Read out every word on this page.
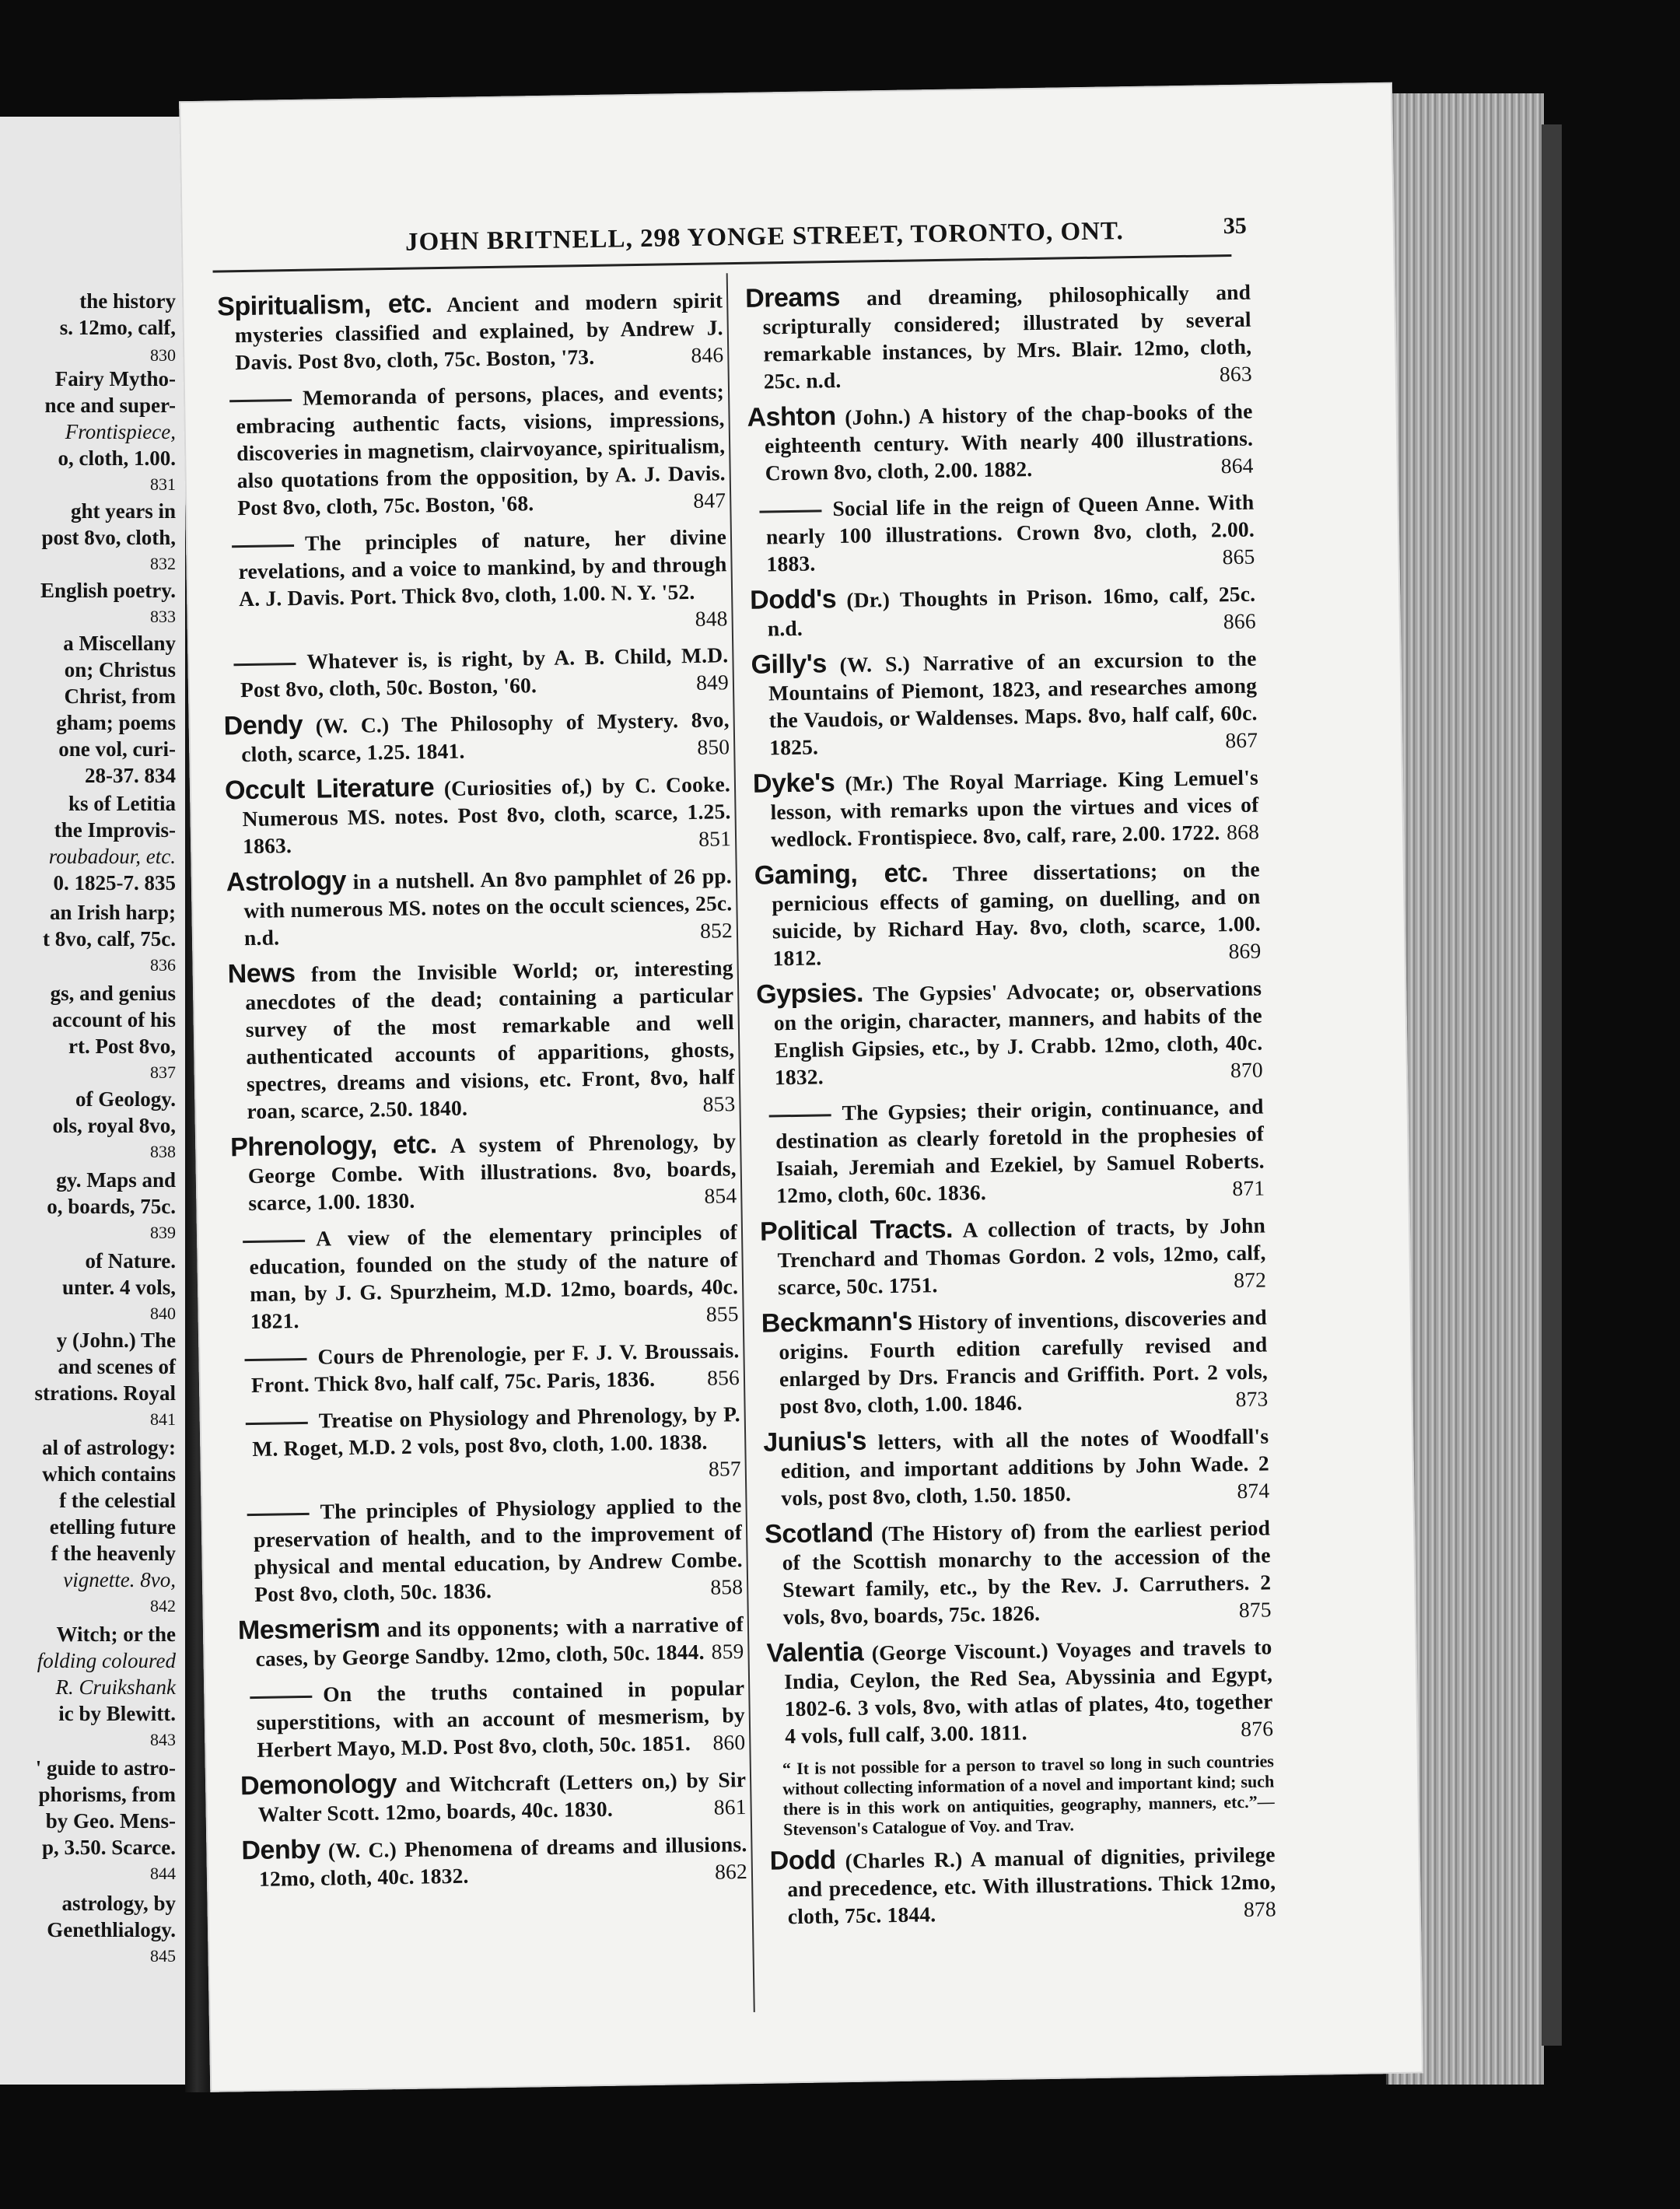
the history
s. 12mo, calf,
830
Fairy Mytho-
nce and super-
Frontispiece,
o, cloth, 1.00.
831
ght years in
post 8vo, cloth,
832
English poetry.
833
a Miscellany
on; Christus
Christ, from
gham; poems
one vol, curi-
28-37. 834
ks of Letitia
the Improvis-
roubadour, etc.
0. 1825-7. 835
an Irish harp;
t 8vo, calf, 75c.
836
gs, and genius
account of his
rt. Post 8vo,
837
of Geology.
ols, royal 8vo,
838
gy. Maps and
o, boards, 75c.
839
of Nature.
unter. 4 vols,
840
y (John.) The
and scenes of
strations. Royal
841
al of astrology:
which contains
f the celestial
etelling future
f the heavenly
vignette. 8vo,
842
Witch; or the
folding coloured
R. Cruikshank
ic by Blewitt.
843
' guide to astro-
phorisms, from
by Geo. Mens-
p, 3.50. Scarce.
844
astrology, by
Genethlialogy.
845
JOHN BRITNELL, 298 YONGE STREET, TORONTO, ONT.	35
Spiritualism, etc. Ancient and modern spirit mysteries classified and explained, by Andrew J. Davis. Post 8vo, cloth, 75c. Boston, '73.	846
Memoranda of persons, places, and events; embracing authentic facts, visions, impressions, discoveries in magnetism, clairvoyance, spiritualism, also quotations from the opposition, by A. J. Davis. Post 8vo, cloth, 75c. Boston, '68.	847
The principles of nature, her divine revelations, and a voice to mankind, by and through A. J. Davis. Port. Thick 8vo, cloth, 1.00. N. Y. '52.
848
Whatever is, is right, by A. B. Child, M.D. Post 8vo, cloth, 50c. Boston, '60.	849
Dendy (W. C.) The Philosophy of Mystery. 8vo, cloth, scarce, 1.25. 1841.	850
Occult Literature (Curiosities of,) by C. Cooke. Numerous MS. notes. Post 8vo, cloth, scarce, 1.25. 1863.	851
Astrology in a nutshell. An 8vo pamphlet of 26 pp. with numerous MS. notes on the occult sciences, 25c. n.d.	852
News from the Invisible World; or, interesting anecdotes of the dead; containing a particular survey of the most remarkable and well authenticated accounts of apparitions, ghosts, spectres, dreams and visions, etc. Front, 8vo, half roan, scarce, 2.50. 1840.	853
Phrenology, etc. A system of Phrenology, by George Combe. With illustrations. 8vo, boards, scarce, 1.00. 1830.	854
A view of the elementary principles of education, founded on the study of the nature of man, by J. G. Spurzheim, M.D. 12mo, boards, 40c. 1821.	855
Cours de Phrenologie, per F. J. V. Broussais. Front. Thick 8vo, half calf, 75c. Paris, 1836. 856
Treatise on Physiology and Phrenology, by P. M. Roget, M.D. 2 vols, post 8vo, cloth, 1.00. 1838.
857
The principles of Physiology applied to the preservation of health, and to the improvement of physical and mental education, by Andrew Combe. Post 8vo, cloth, 50c. 1836.	858
Mesmerism and its opponents; with a narrative of cases, by George Sandby. 12mo, cloth, 50c. 1844. 859
On the truths contained in popular superstitions, with an account of mesmerism, by Herbert Mayo, M.D. Post 8vo, cloth, 50c. 1851. 860
Demonology and Witchcraft (Letters on,) by Sir Walter Scott. 12mo, boards, 40c. 1830.	861
Denby (W. C.) Phenomena of dreams and illusions. 12mo, cloth, 40c. 1832.	862
Dreams and dreaming, philosophically and scripturally considered; illustrated by several remarkable instances, by Mrs. Blair. 12mo, cloth, 25c. n.d.	863
Ashton (John.) A history of the chap-books of the eighteenth century. With nearly 400 illustrations. Crown 8vo, cloth, 2.00. 1882.	864
Social life in the reign of Queen Anne. With nearly 100 illustrations. Crown 8vo, cloth, 2.00. 1883.	865
Dodd's (Dr.) Thoughts in Prison. 16mo, calf, 25c. n.d.	866
Gilly's (W. S.) Narrative of an excursion to the Mountains of Piemont, 1823, and researches among the Vaudois, or Waldenses. Maps. 8vo, half calf, 60c. 1825.	867
Dyke's (Mr.) The Royal Marriage. King Lemuel's lesson, with remarks upon the virtues and vices of wedlock. Frontispiece. 8vo, calf, rare, 2.00. 1722. 868
Gaming, etc. Three dissertations; on the pernicious effects of gaming, on duelling, and on suicide, by Richard Hay. 8vo, cloth, scarce, 1.00. 1812.	869
Gypsies. The Gypsies' Advocate; or, observations on the origin, character, manners, and habits of the English Gipsies, etc., by J. Crabb. 12mo, cloth, 40c. 1832.	870
The Gypsies; their origin, continuance, and destination as clearly foretold in the prophesies of Isaiah, Jeremiah and Ezekiel, by Samuel Roberts. 12mo, cloth, 60c. 1836.	871
Political Tracts. A collection of tracts, by John Trenchard and Thomas Gordon. 2 vols, 12mo, calf, scarce, 50c. 1751.	872
Beckmann's History of inventions, discoveries and origins. Fourth edition carefully revised and enlarged by Drs. Francis and Griffith. Port. 2 vols, post 8vo, cloth, 1.00. 1846.	873
Junius's letters, with all the notes of Woodfall's edition, and important additions by John Wade. 2 vols, post 8vo, cloth, 1.50. 1850.	874
Scotland (The History of) from the earliest period of the Scottish monarchy to the accession of the Stewart family, etc., by the Rev. J. Carruthers. 2 vols, 8vo, boards, 75c. 1826.	875
Valentia (George Viscount.) Voyages and travels to India, Ceylon, the Red Sea, Abyssinia and Egypt, 1802-6. 3 vols, 8vo, with atlas of plates, 4to, together 4 vols, full calf, 3.00. 1811.	876
“ It is not possible for a person to travel so long in such countries without collecting information of a novel and important kind; such there is in this work on antiquities, geography, manners, etc.”— Stevenson's Catalogue of Voy. and Trav.
Dodd (Charles R.) A manual of dignities, privilege and precedence, etc. With illustrations. Thick 12mo, cloth, 75c. 1844.	878
